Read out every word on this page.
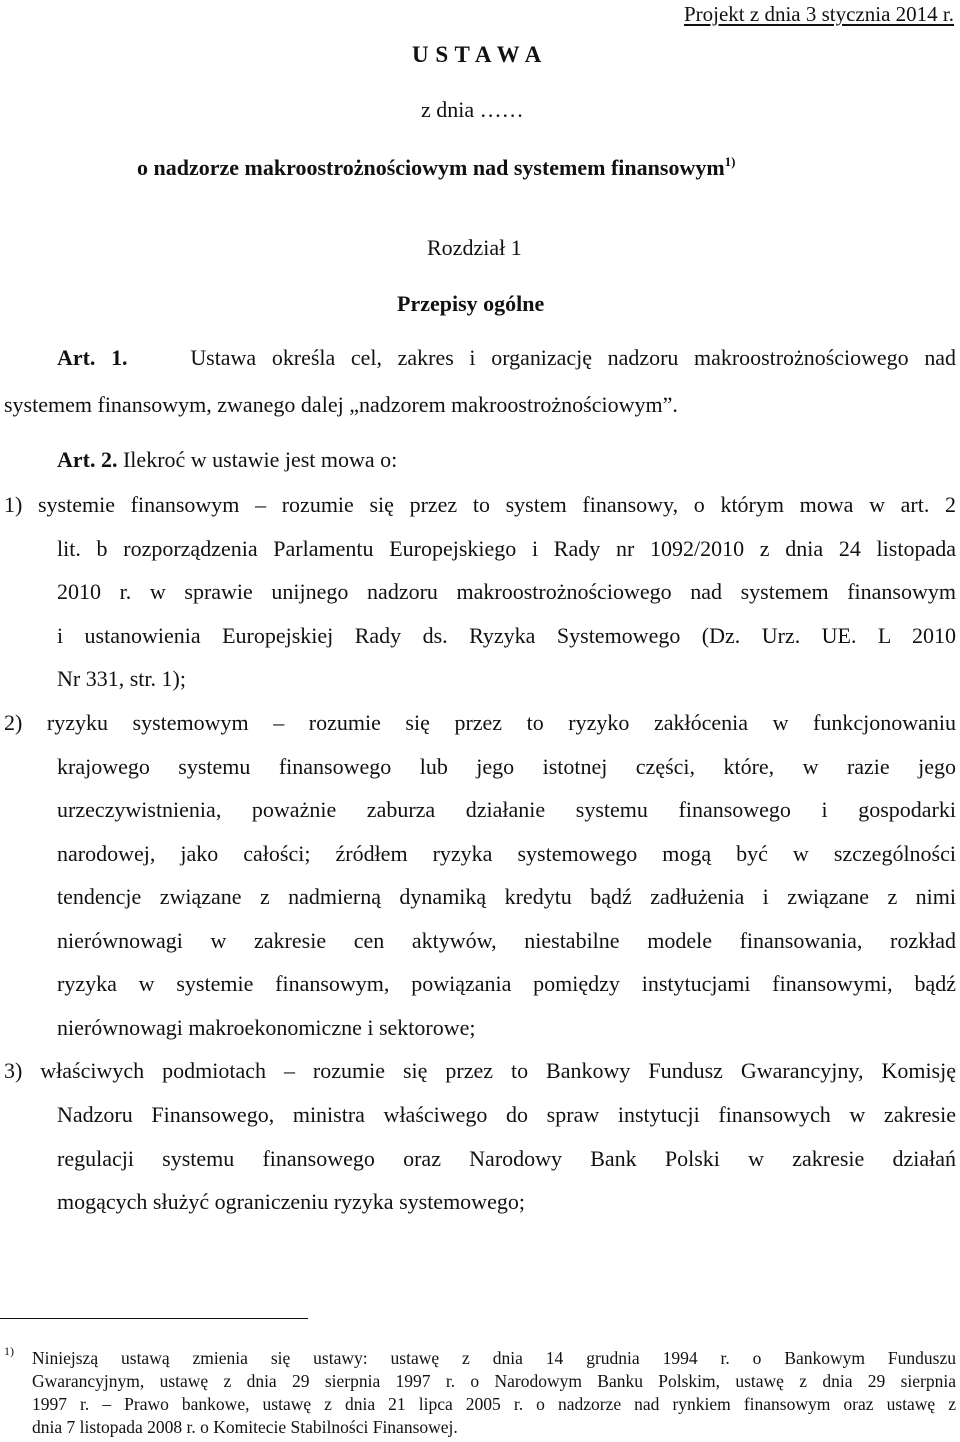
Projekt z dnia 3 stycznia 2014 r.
U S T A W A
z dnia ……
o nadzorze makroostrożnościowym nad systemem finansowym$^{1)}$
Rozdział 1
Przepisy ogólne
Art. 1.	Ustawa określa cel, zakres i organizację nadzoru makroostrożnościowego nad
systemem finansowym, zwanego dalej „nadzorem makroostrożnościowym”.
Art. 2. Ilekroć w ustawie jest mowa o:
1) systemie finansowym – rozumie się przez to system finansowy, o którym mowa w art. 2
lit. b rozporządzenia Parlamentu Europejskiego i Rady nr 1092/2010 z dnia 24 listopada
2010 r. w sprawie unijnego nadzoru makroostrożnościowego nad systemem finansowym
i ustanowienia Europejskiej Rady ds. Ryzyka Systemowego (Dz. Urz. UE. L 2010
Nr 331, str. 1);
2) ryzyku systemowym – rozumie się przez to ryzyko zakłócenia w funkcjonowaniu
krajowego systemu finansowego lub jego istotnej części, które, w razie jego
urzeczywistnienia, poważnie zaburza działanie systemu finansowego i gospodarki
narodowej, jako całości; źródłem ryzyka systemowego mogą być w szczególności
tendencje związane z nadmierną dynamiką kredytu bądź zadłużenia i związane z nimi
nierównowagi w zakresie cen aktywów, niestabilne modele finansowania, rozkład
ryzyka w systemie finansowym, powiązania pomiędzy instytucjami finansowymi, bądź
nierównowagi makroekonomiczne i sektorowe;
3) właściwych podmiotach – rozumie się przez to Bankowy Fundusz Gwarancyjny, Komisję
Nadzoru Finansowego, ministra właściwego do spraw instytucji finansowych w zakresie
regulacji systemu finansowego oraz Narodowy Bank Polski w zakresie działań
mogących służyć ograniczeniu ryzyka systemowego;
1) Niniejszą ustawą zmienia się ustawy: ustawę z dnia 14 grudnia 1994 r. o Bankowym Funduszu
Gwarancyjnym, ustawę z dnia 29 sierpnia 1997 r. o Narodowym Banku Polskim, ustawę z dnia 29 sierpnia
1997 r. – Prawo bankowe, ustawę z dnia 21 lipca 2005 r. o nadzorze nad rynkiem finansowym oraz ustawę z
dnia 7 listopada 2008 r. o Komitecie Stabilności Finansowej.
